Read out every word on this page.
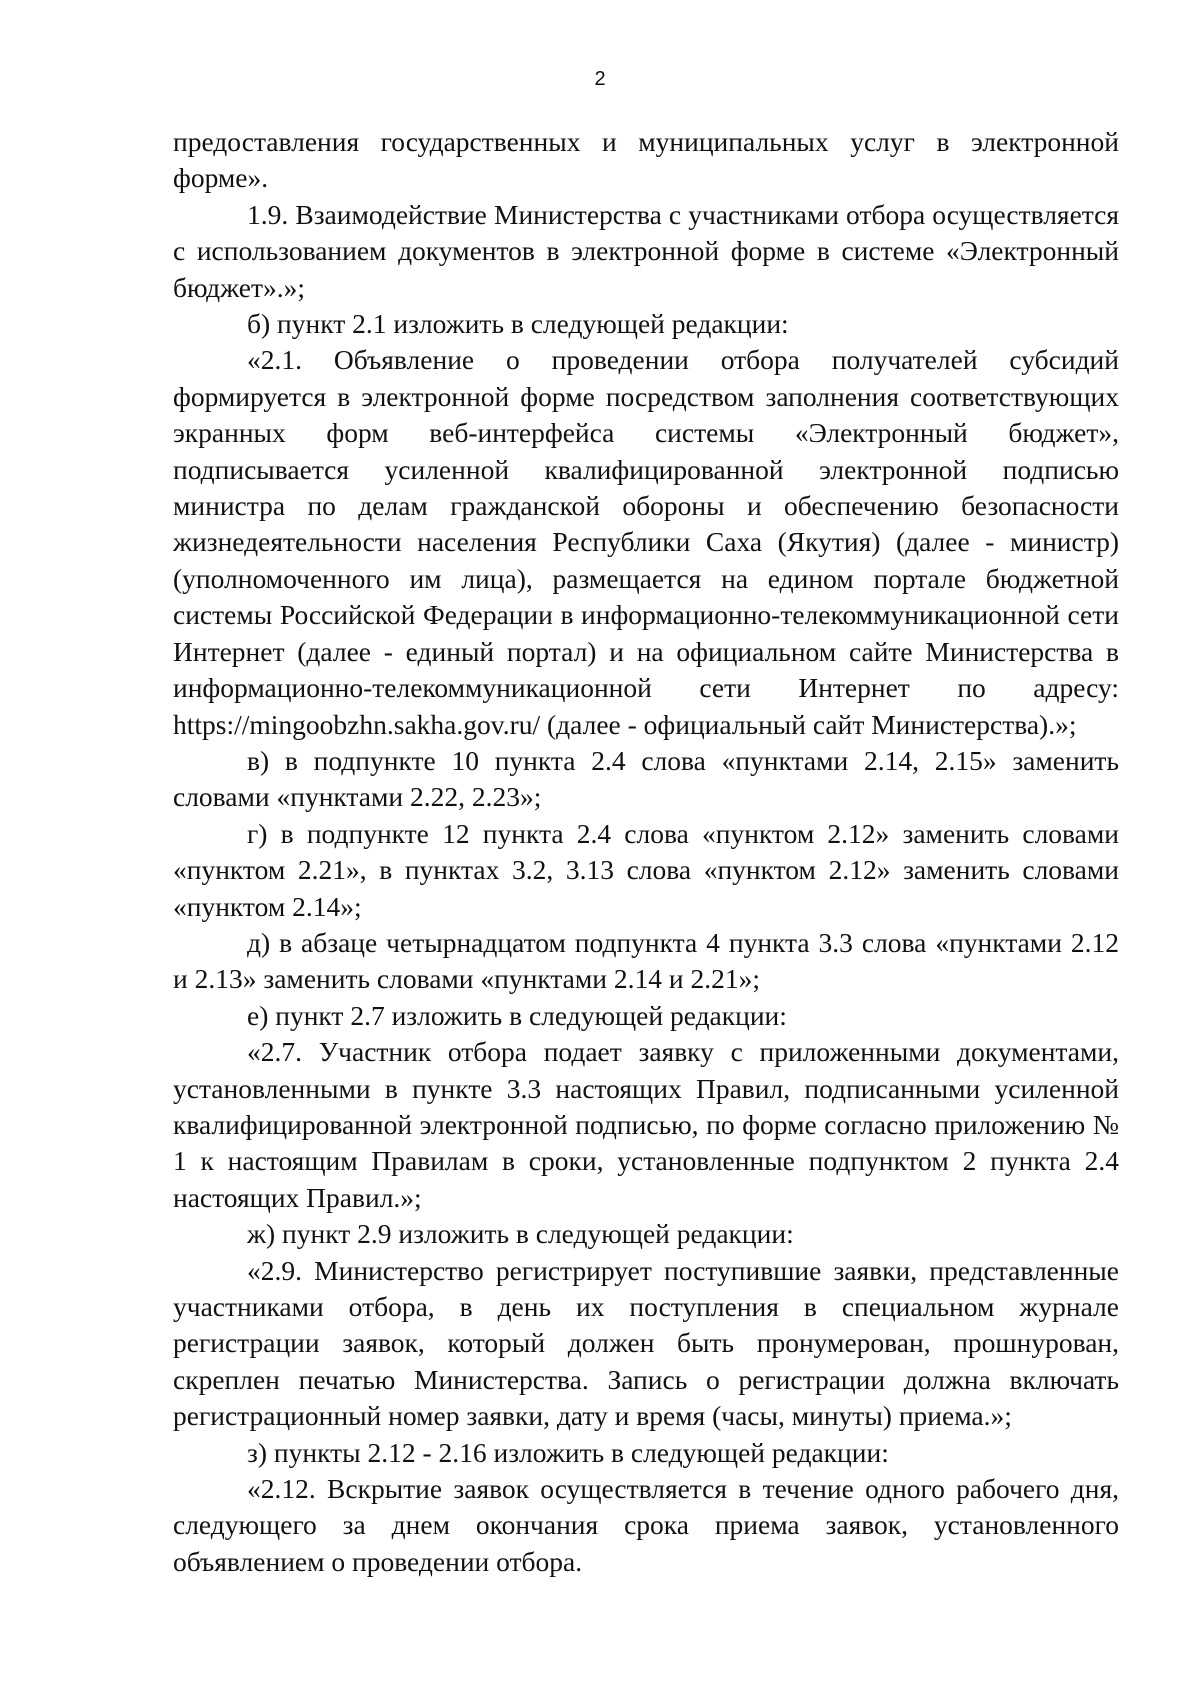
2

предоставления государственных и муниципальных услуг в электронной форме».

1.9. Взаимодействие Министерства с участниками отбора осуществляется с использованием документов в электронной форме в системе «Электронный бюджет».»;

б) пункт 2.1 изложить в следующей редакции:

«2.1. Объявление о проведении отбора получателей субсидий формируется в электронной форме посредством заполнения соответствующих экранных форм веб-интерфейса системы «Электронный бюджет», подписывается усиленной квалифицированной электронной подписью министра по делам гражданской обороны и обеспечению безопасности жизнедеятельности населения Республики Саха (Якутия) (далее - министр) (уполномоченного им лица), размещается на едином портале бюджетной системы Российской Федерации в информационно-телекоммуникационной сети Интернет (далее - единый портал) и на официальном сайте Министерства в информационно-телекоммуникационной сети Интернет по адресу: https://mingoobzhn.sakha.gov.ru/ (далее - официальный сайт Министерства).»;

в) в подпункте 10 пункта 2.4 слова «пунктами 2.14, 2.15» заменить словами «пунктами 2.22, 2.23»;

г) в подпункте 12 пункта 2.4 слова «пунктом 2.12» заменить словами «пунктом 2.21», в пунктах 3.2, 3.13 слова «пунктом 2.12» заменить словами «пунктом 2.14»;

д) в абзаце четырнадцатом подпункта 4 пункта 3.3 слова «пунктами 2.12 и 2.13» заменить словами «пунктами 2.14 и 2.21»;

е) пункт 2.7 изложить в следующей редакции:

«2.7. Участник отбора подает заявку с приложенными документами, установленными в пункте 3.3 настоящих Правил, подписанными усиленной квалифицированной электронной подписью, по форме согласно приложению № 1 к настоящим Правилам в сроки, установленные подпунктом 2 пункта 2.4 настоящих Правил.»;

ж) пункт 2.9 изложить в следующей редакции:

«2.9. Министерство регистрирует поступившие заявки, представленные участниками отбора, в день их поступления в специальном журнале регистрации заявок, который должен быть пронумерован, прошнурован, скреплен печатью Министерства. Запись о регистрации должна включать регистрационный номер заявки, дату и время (часы, минуты) приема.»;

з) пункты 2.12 - 2.16 изложить в следующей редакции:

«2.12. Вскрытие заявок осуществляется в течение одного рабочего дня, следующего за днем окончания срока приема заявок, установленного объявлением о проведении отбора.
